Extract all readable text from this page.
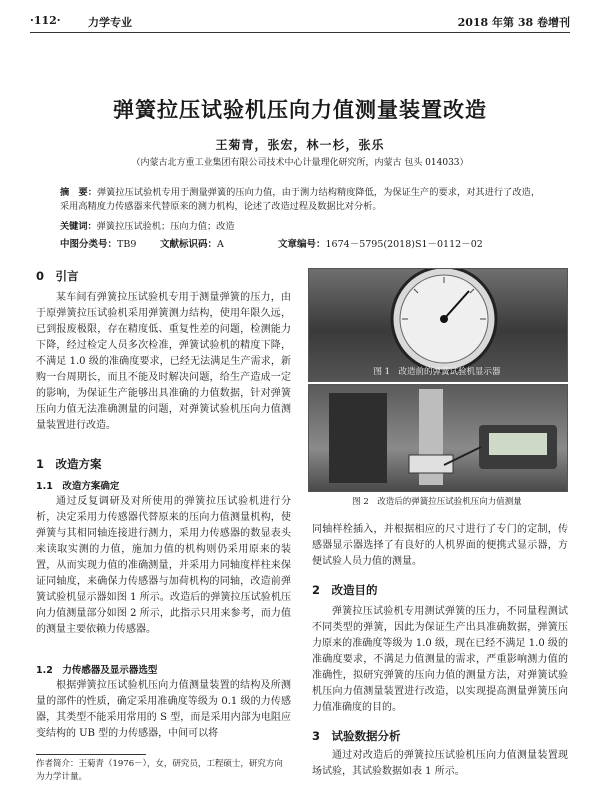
·112· 力学专业	2018 年第 38 卷增刊
弹簧拉压试验机压向力值测量装置改造
王菊青，张宏，林一杉，张乐
（内蒙古北方重工业集团有限公司技术中心计量理化研究所，内蒙古 包头 014033）
摘　要：弹簧拉压试验机专用于测量弹簧的压向力值，由于测力结构精度降低，为保证生产的要求，对其进行了改造，采用高精度力传感器来代替原来的测力机构，论述了改造过程及数据比对分析。
关键词：弹簧拉压试验机；压向力值；改造
中图分类号：TB9 文献标识码：A	文章编号：1674－5795(2018)S1－0112－02
0　引言

某车间有弹簧拉压试验机专用于测量弹簧的压力，由于原弹簧拉压试验机采用弹簧测力结构，使用年限久远，已到报废极限，存在精度低、重复性差的问题，检测能力下降，经过检定人员多次检准，弹簧试验机的精度下降，不满足 1.0 级的准确度要求，已经无法满足生产需求，新购一台周期长，而且不能及时解决问题，给生产造成一定的影响，为保证生产能够出具准确的力值数据，针对弹簧压向力值无法准确测量的问题，对弹簧试验机压向力值测量装置进行改造。

1　改造方案
1.1　改造方案确定

通过反复调研及对所使用的弹簧拉压试验机进行分析，决定采用力传感器代替原来的压向力值测量机构，使弹簧与其相同轴连接进行测力，采用力传感器的数显表头来读取实测的力值，施加力值的机构则仍采用原来的装置，从而实现力值的准确测量，并采用力同轴度样柱来保证同轴度，来确保力传感器与加荷机构的同轴，改造前弹簧试验机显示器如图 1 所示。改造后的弹簧拉压试验机压向力值测量部分如图 2 所示，此指示只用来参考，而力值的测量主要依赖力传感器。

1.2　力传感器及显示器选型

根据弹簧拉压试验机压向力值测量装置的结构及所测量的部件的性质，确定采用准确度等级为 0.1 级的力传感器，其类型不能采用常用的 S 型，而是采用内部为电阻应变结构的 UB 型的力传感器，中间可以将

作者简介：王菊青（1976－），女，研究员，工程硕士，研究方向为力学计量。
图 1　改造前的弹簧试验机显示器
图 2　改造后的弹簧拉压试验机压向力值测量

同轴样栓插入，并根据相应的尺寸进行了专门的定制，传感器显示器选择了有良好的人机界面的便携式显示器，方便试验人员力值的测量。

2　改造目的

弹簧拉压试验机专用测试弹簧的压力，不同量程测试不同类型的弹簧，因此为保证生产出具准确数据，弹簧压力原来的准确度等级为 1.0 级，现在已经不满足 1.0 级的准确度要求，不满足力值测量的需求，严重影响测力值的准确性，拟研究弹簧的压向力值的测量方法，对弹簧试验机压向力值测量装置进行改造，以实现提高测量弹簧压向力值准确度的目的。

3　试验数据分析

通过对改造后的弹簧拉压试验机压向力值测量装置现场试验，其试验数据如表 1 所示。
